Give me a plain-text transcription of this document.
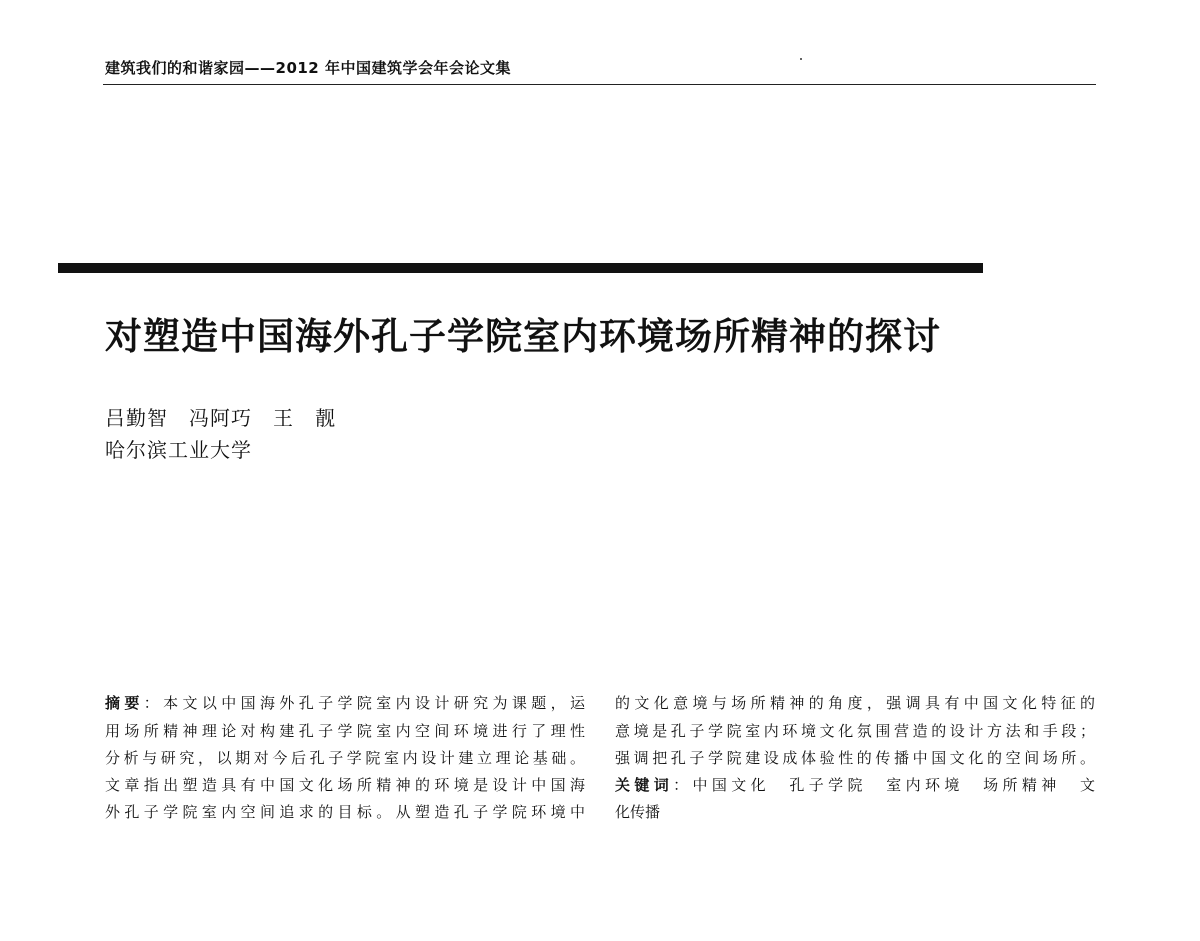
建筑我们的和谐家园——2012 年中国建筑学会年会论文集
对塑造中国海外孔子学院室内环境场所精神的探讨
吕勤智　冯阿巧　王　靓
哈尔滨工业大学
摘要：本文以中国海外孔子学院室内设计研究为课题，运
用场所精神理论对构建孔子学院室内空间环境进行了理性
分析与研究，以期对今后孔子学院室内设计建立理论基础。
文章指出塑造具有中国文化场所精神的环境是设计中国海
外孔子学院室内空间追求的目标。从塑造孔子学院环境中
的文化意境与场所精神的角度，强调具有中国文化特征的
意境是孔子学院室内环境文化氛围营造的设计方法和手段；
强调把孔子学院建设成体验性的传播中国文化的空间场所。
关键词：中国文化　孔子学院　室内环境　场所精神　文
化传播
